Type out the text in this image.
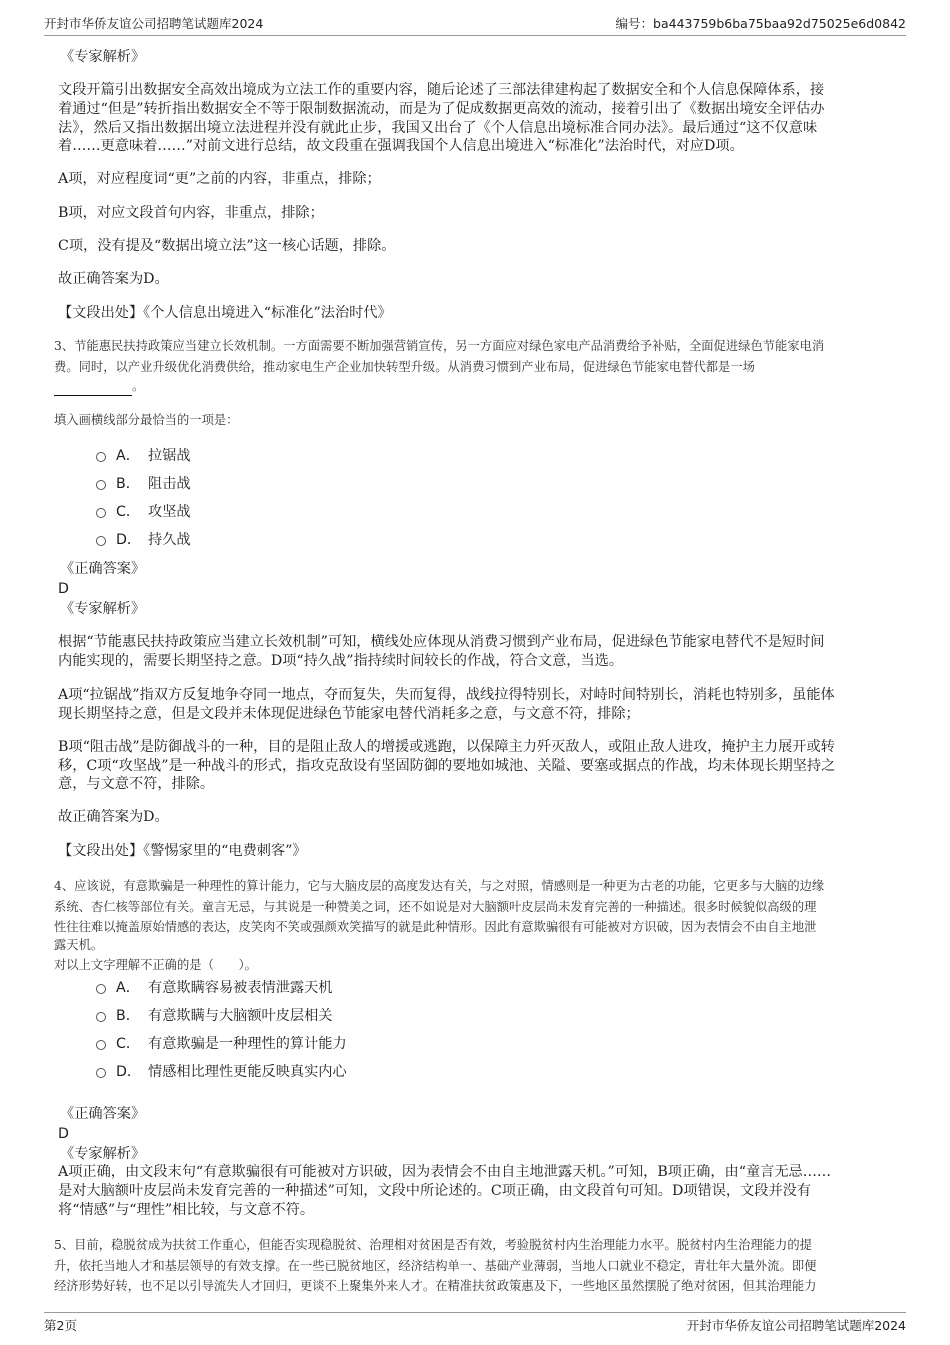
开封市华侨友谊公司招聘笔试题库2024	编号：ba443759b6ba75baa92d75025e6d0842
《专家解析》
文段开篇引出数据安全高效出境成为立法工作的重要内容，随后论述了三部法律建构起了数据安全和个人信息保障体系，接
着通过“但是”转折指出数据安全不等于限制数据流动，而是为了促成数据更高效的流动，接着引出了《数据出境安全评估办
法》，然后又指出数据出境立法进程并没有就此止步，我国又出台了《个人信息出境标准合同办法》。最后通过“这不仅意味
着……更意味着……”对前文进行总结，故文段重在强调我国个人信息出境进入“标准化”法治时代，对应D项。
A项，对应程度词“更”之前的内容，非重点，排除；
B项，对应文段首句内容，非重点，排除；
C项，没有提及“数据出境立法”这一核心话题，排除。
故正确答案为D。
【文段出处】《个人信息出境进入“标准化”法治时代》
3、节能惠民扶持政策应当建立长效机制。一方面需要不断加强营销宣传，另一方面应对绿色家电产品消费给予补贴，全面促进绿色节能家电消
费。同时，以产业升级优化消费供给，推动家电生产企业加快转型升级。从消费习惯到产业布局，促进绿色节能家电替代都是一场
。
填入画横线部分最恰当的一项是：
A． 拉锯战
B． 阻击战
C． 攻坚战
D． 持久战
《正确答案》
D
《专家解析》
根据“节能惠民扶持政策应当建立长效机制”可知，横线处应体现从消费习惯到产业布局，促进绿色节能家电替代不是短时间
内能实现的，需要长期坚持之意。D项“持久战”指持续时间较长的作战，符合文意，当选。
A项“拉锯战”指双方反复地争夺同一地点，夺而复失，失而复得，战线拉得特别长，对峙时间特别长，消耗也特别多，虽能体
现长期坚持之意，但是文段并未体现促进绿色节能家电替代消耗多之意，与文意不符，排除；
B项“阻击战”是防御战斗的一种，目的是阻止敌人的增援或逃跑，以保障主力歼灭敌人，或阻止敌人进攻，掩护主力展开或转
移，C项“攻坚战”是一种战斗的形式，指攻克敌设有坚固防御的要地如城池、关隘、要塞或据点的作战，均未体现长期坚持之
意，与文意不符，排除。
故正确答案为D。
【文段出处】《警惕家里的“电费刺客”》
4、应该说，有意欺骗是一种理性的算计能力，它与大脑皮层的高度发达有关，与之对照，情感则是一种更为古老的功能，它更多与大脑的边缘
系统、杏仁核等部位有关。童言无忌，与其说是一种赞美之词，还不如说是对大脑额叶皮层尚未发育完善的一种描述。很多时候貌似高级的理
性往往难以掩盖原始情感的表达，皮笑肉不笑或强颜欢笑描写的就是此种情形。因此有意欺骗很有可能被对方识破，因为表情会不由自主地泄
露天机。
对以上文字理解不正确的是（　　）。
A． 有意欺瞒容易被表情泄露天机
B． 有意欺瞒与大脑额叶皮层相关
C． 有意欺骗是一种理性的算计能力
D． 情感相比理性更能反映真实内心
《正确答案》
D
《专家解析》
A项正确，由文段末句“有意欺骗很有可能被对方识破，因为表情会不由自主地泄露天机。”可知，B项正确，由“童言无忌……
是对大脑额叶皮层尚未发育完善的一种描述”可知，文段中所论述的。C项正确，由文段首句可知。D项错误，文段并没有
将“情感”与“理性”相比较，与文意不符。
5、目前，稳脱贫成为扶贫工作重心，但能否实现稳脱贫、治理相对贫困是否有效，考验脱贫村内生治理能力水平。脱贫村内生治理能力的提
升，依托当地人才和基层领导的有效支撑。在一些已脱贫地区，经济结构单一、基础产业薄弱，当地人口就业不稳定，青壮年大量外流。即便
经济形势好转，也不足以引导流失人才回归，更谈不上聚集外来人才。在精准扶贫政策惠及下，一些地区虽然摆脱了绝对贫困，但其治理能力
第2页	开封市华侨友谊公司招聘笔试题库2024
